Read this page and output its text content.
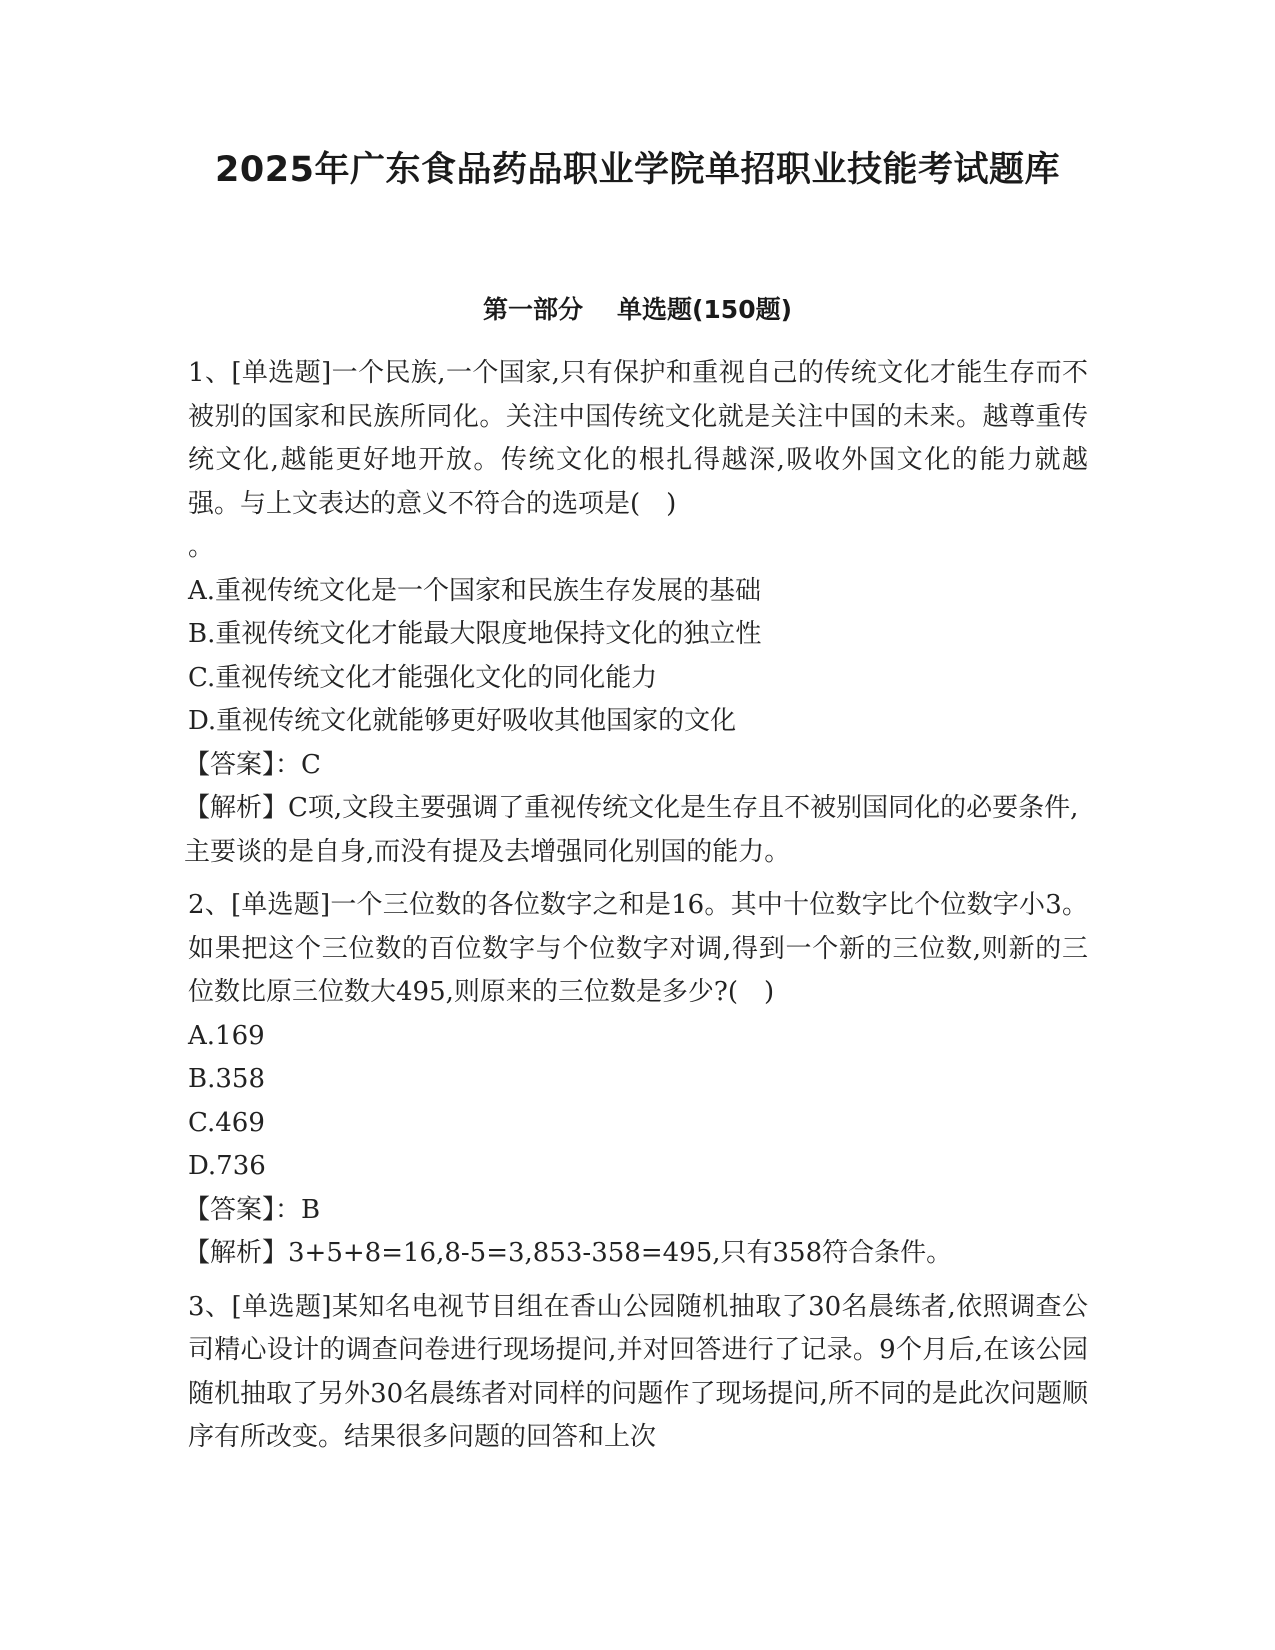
2025年广东食品药品职业学院单招职业技能考试题库
第一部分 单选题(150题)

1、[单选题]一个民族,一个国家,只有保护和重视自己的传统文化才能生存而不被别的国家和民族所同化。关注中国传统文化就是关注中国的未来。越尊重传统文化,越能更好地开放。传统文化的根扎得越深,吸收外国文化的能力就越强。与上文表达的意义不符合的选项是(　)

。

A.重视传统文化是一个国家和民族生存发展的基础

B.重视传统文化才能最大限度地保持文化的独立性

C.重视传统文化才能强化文化的同化能力

D.重视传统文化就能够更好吸收其他国家的文化

【答案】：C

【解析】C项,文段主要强调了重视传统文化是生存且不被别国同化的必要条件,主要谈的是自身,而没有提及去增强同化别国的能力。

2、[单选题]一个三位数的各位数字之和是16。其中十位数字比个位数字小3。如果把这个三位数的百位数字与个位数字对调,得到一个新的三位数,则新的三位数比原三位数大495,则原来的三位数是多少?(　)

A.169

B.358

C.469

D.736

【答案】：B

【解析】3+5+8=16,8-5=3,853-358=495,只有358符合条件。

3、[单选题]某知名电视节目组在香山公园随机抽取了30名晨练者,依照调查公司精心设计的调查问卷进行现场提问,并对回答进行了记录。9个月后,在该公园随机抽取了另外30名晨练者对同样的问题作了现场提问,所不同的是此次问题顺序有所改变。结果很多问题的回答和上次
